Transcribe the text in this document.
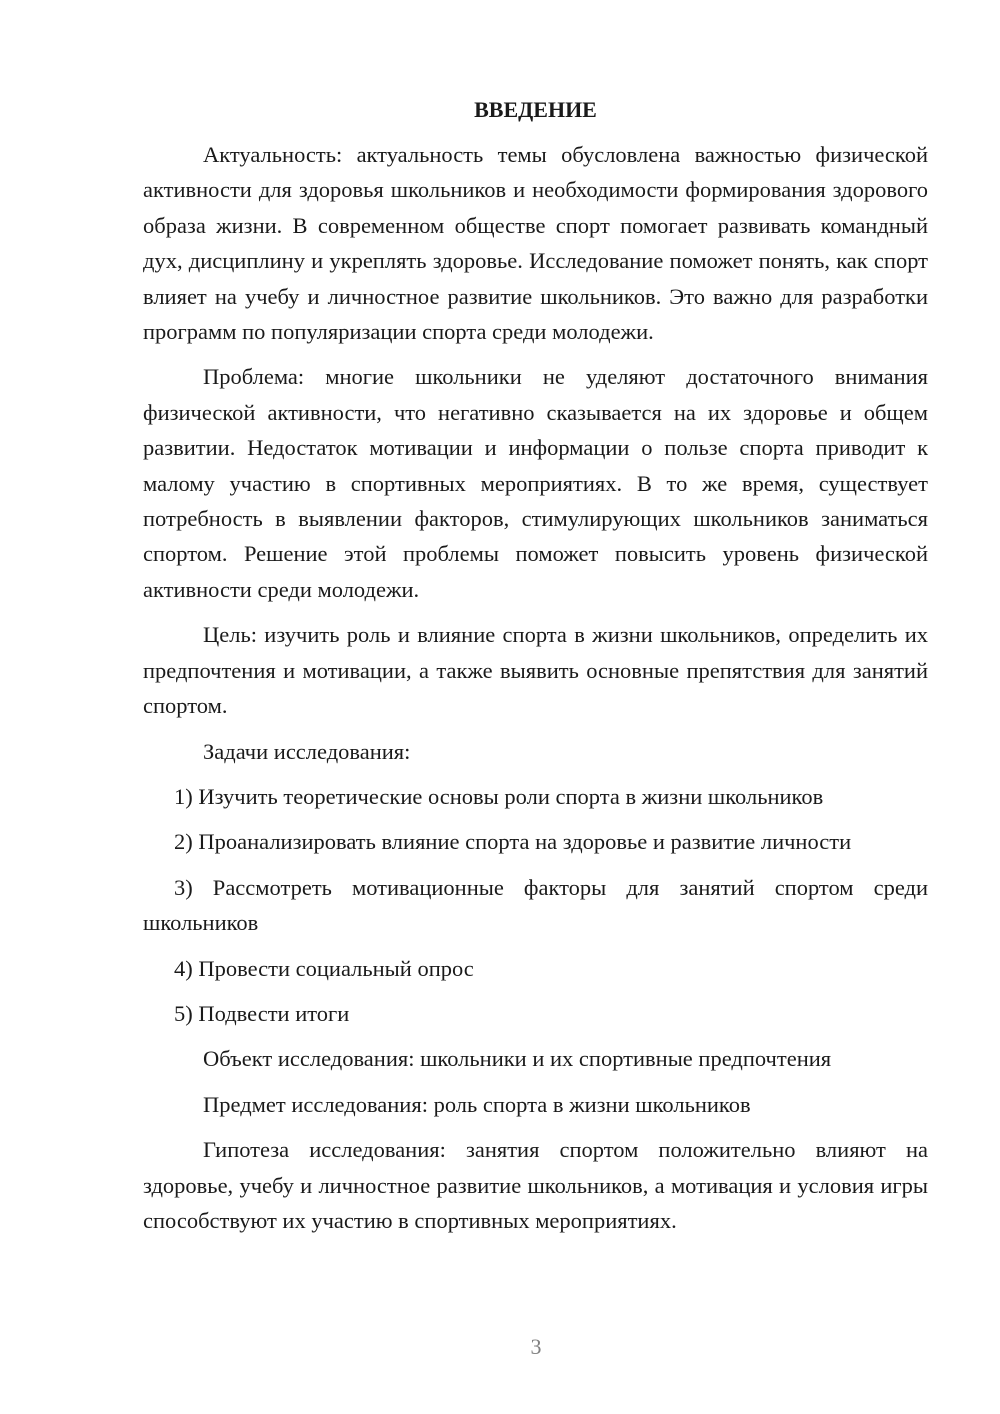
ВВЕДЕНИЕ

Актуальность: актуальность темы обусловлена важностью физической активности для здоровья школьников и необходимости формирования здорового образа жизни. В современном обществе спорт помогает развивать командный дух, дисциплину и укреплять здоровье. Исследование поможет понять, как спорт влияет на учебу и личностное развитие школьников. Это важно для разработки программ по популяризации спорта среди молодежи.

Проблема: многие школьники не уделяют достаточного внимания физической активности, что негативно сказывается на их здоровье и общем развитии. Недостаток мотивации и информации о пользе спорта приводит к малому участию в спортивных мероприятиях. В то же время, существует потребность в выявлении факторов, стимулирующих школьников заниматься спортом. Решение этой проблемы поможет повысить уровень физической активности среди молодежи.

Цель: изучить роль и влияние спорта в жизни школьников, определить их предпочтения и мотивации, а также выявить основные препятствия для занятий спортом.

Задачи исследования:

1) Изучить теоретические основы роли спорта в жизни школьников

2) Проанализировать влияние спорта на здоровье и развитие личности

3) Рассмотреть мотивационные факторы для занятий спортом среди школьников

4) Провести социальный опрос

5) Подвести итоги

Объект исследования: школьники и их спортивные предпочтения

Предмет исследования: роль спорта в жизни школьников

Гипотеза исследования: занятия спортом положительно влияют на здоровье, учебу и личностное развитие школьников, а мотивация и условия игры способствуют их участию в спортивных мероприятиях.

3
